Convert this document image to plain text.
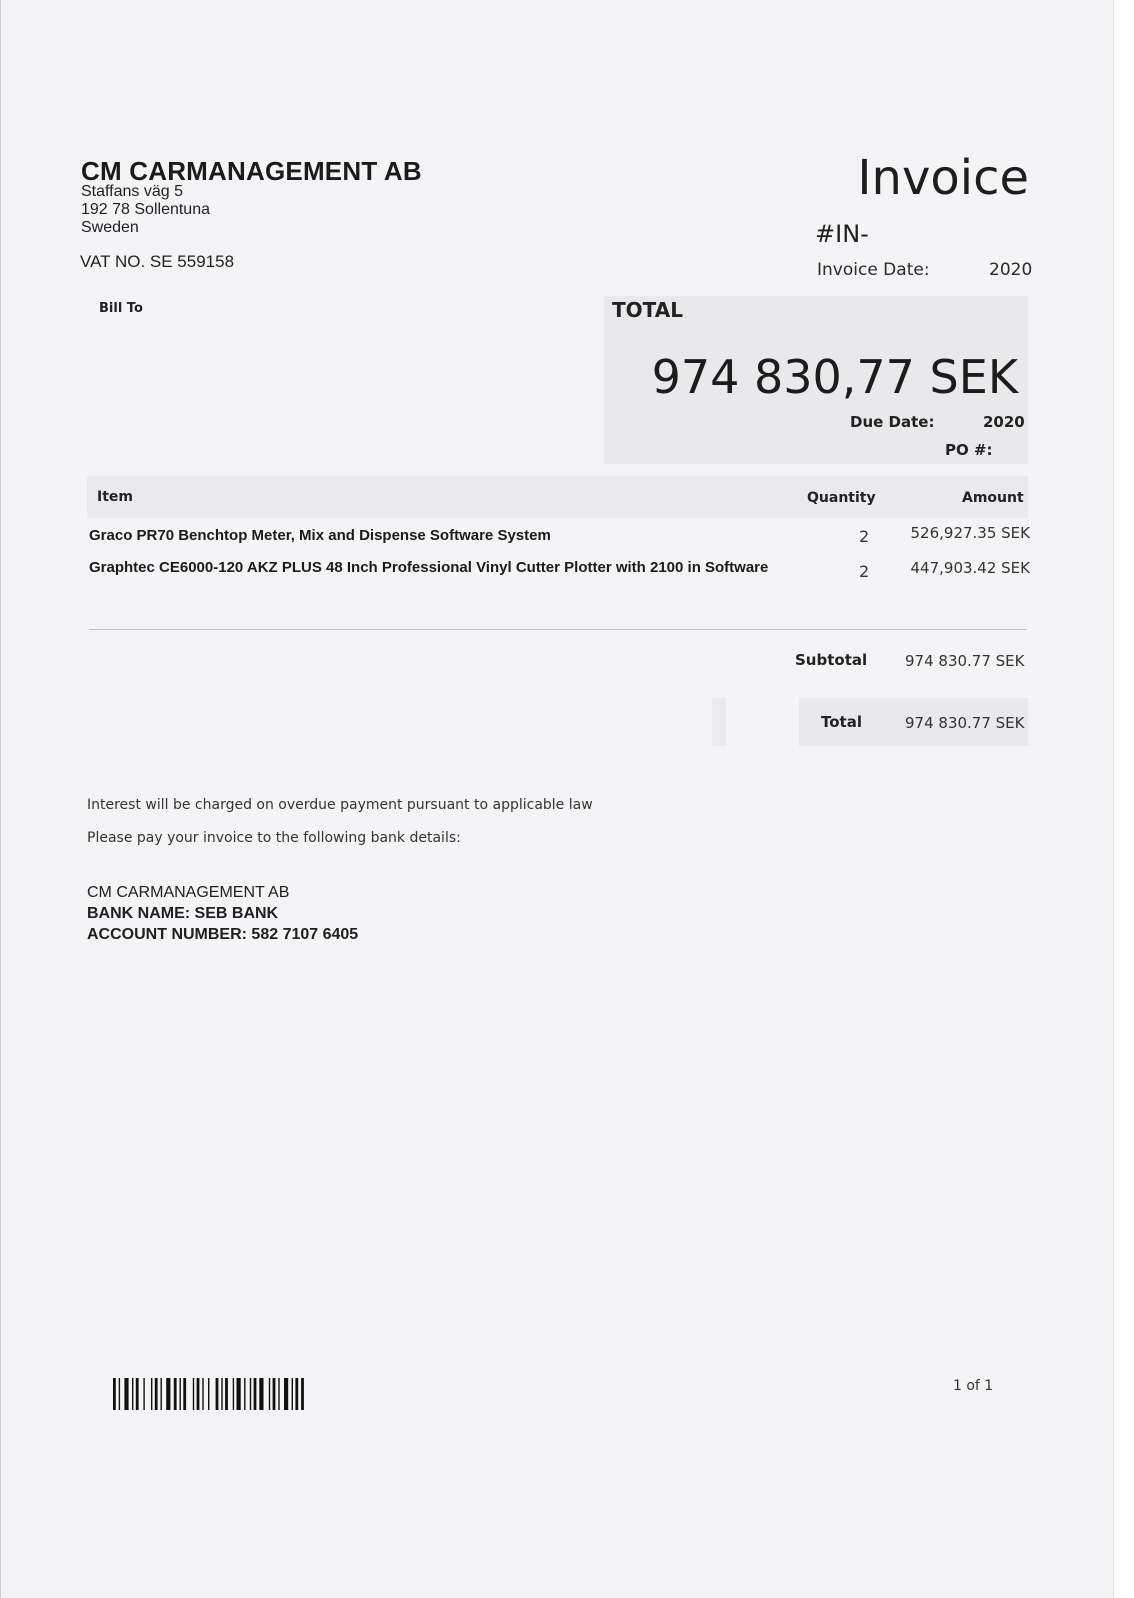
CM CARMANAGEMENT AB
Staffans väg 5
192 78 Sollentuna
Sweden
VAT NO. SE 559158
Invoice
#IN-
Invoice Date:	2020
Bill To	TOTAL
974 830,77 SEK
Due Date:	2020
PO #:
Item	Quantity	Amount
Graco PR70 Benchtop Meter, Mix and Dispense Software System	2	526,927.35 SEK
Graphtec CE6000-120 AKZ PLUS 48 Inch Professional Vinyl Cutter Plotter with 2100 in Software	2	447,903.42 SEK
Subtotal	974 830.77 SEK
Total	974 830.77 SEK
Interest will be charged on overdue payment pursuant to applicable law
Please pay your invoice to the following bank details:
CM CARMANAGEMENT AB
BANK NAME: SEB BANK
ACCOUNT NUMBER: 582 7107 6405
1 of 1
